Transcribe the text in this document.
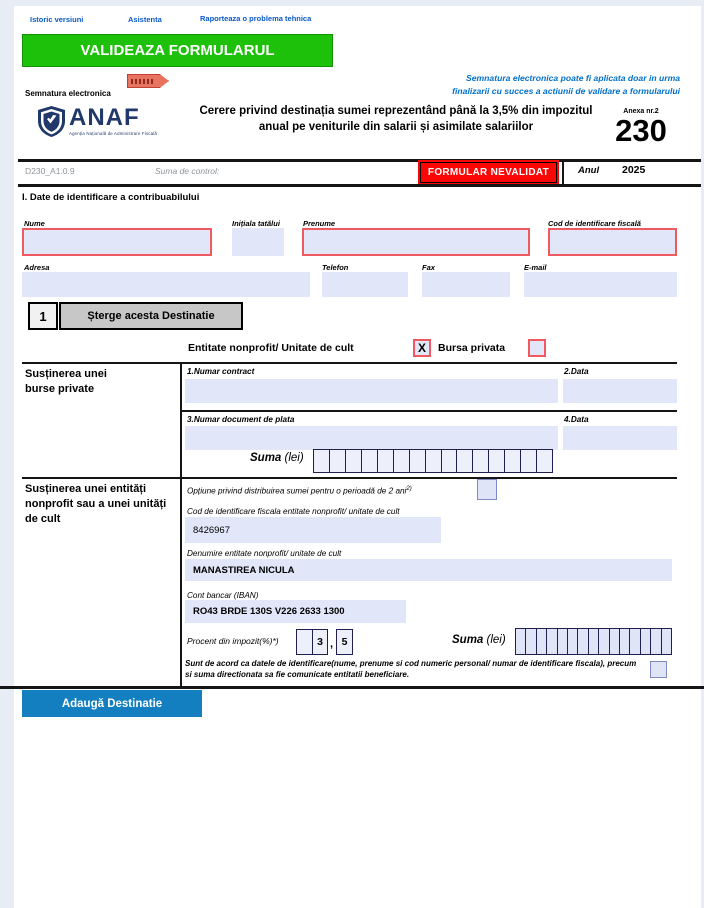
Istoric versiuni	Asistenta	Raporteaza o problema tehnica
VALIDEAZA FORMULARUL
Semnatura electronica
Semnatura electronica poate fi aplicata doar in urma
finalizarii cu succes a actiunii de validare a formularului
ANAF
Agenția Națională de Administrare Fiscală
Cerere privind destinația sumei reprezentând până la 3,5% din impozitul
anual pe veniturile din salarii și asimilate salariilor
Anexa nr.2
230
D230_A1.0.9	Suma de control:	FORMULAR NEVALIDAT	Anul 2025
I. Date de identificare a contribuabilului
Nume	Inițiala tatălui	Prenume	Cod de identificare fiscală
Adresa	Telefon	Fax	E-mail
1	Șterge acesta Destinatie
Entitate nonprofit/ Unitate de cult	X	Bursa privata
Susținerea unei
burse private
1.Numar contract	2.Data
3.Numar document de plata	4.Data
Suma (lei)
Susținerea unei entități nonprofit sau a unei unități de cult
Opțiune privind distribuirea sumei pentru o perioadă de 2 ani$^{2)}$
Cod de identificare fiscala entitate nonprofit/ unitate de cult
8426967
Denumire entitate nonprofit/ unitate de cult
MANASTIREA NICULA
Cont bancar (IBAN)
RO43 BRDE 130S V226 2633 1300
Procent din impozit(%)*)	3 , 5	Suma (lei)
Sunt de acord ca datele de identificare(nume, prenume si cod numeric personal/ numar de identificare fiscala), precum si suma directionata sa fie comunicate entitatii beneficiare.
Adaugă Destinatie
